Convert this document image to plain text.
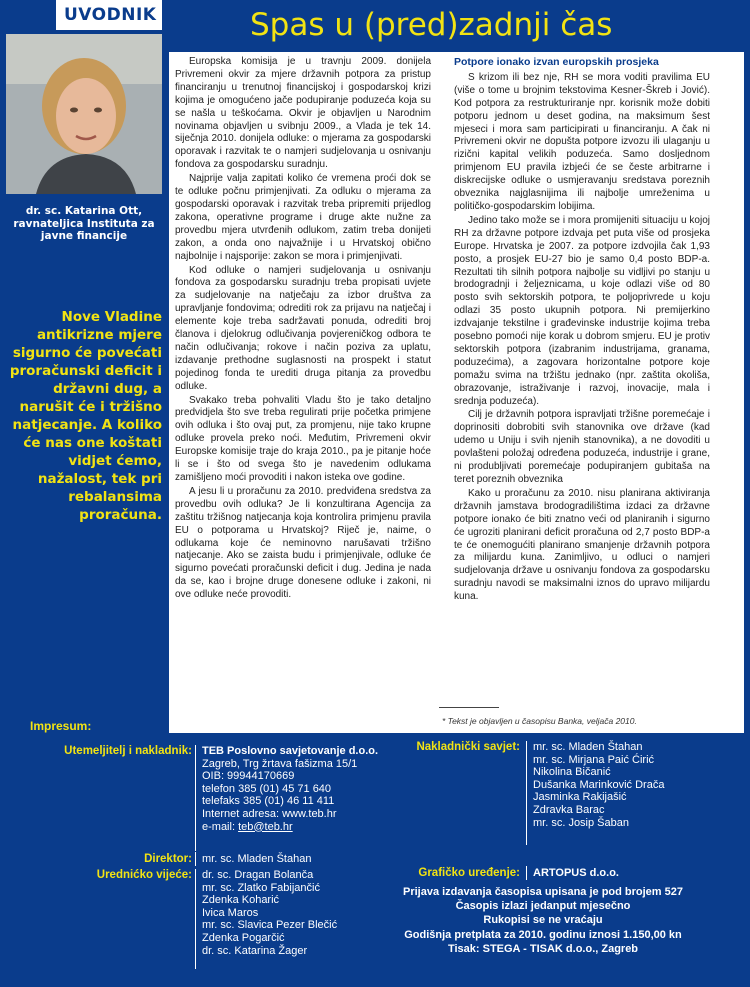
UVODNIK	Spas u (pred)zadnji čas
dr. sc. Katarina Ott,
ravnateljica Instituta za
javne financije
Nove Vladine antikrizne mjere sigurno će povećati proračunski deficit i državni dug, a narušit će i tržišno natjecanje. A koliko će nas one koštati vidjet ćemo, nažalost, tek pri rebalansima proračuna.

Europska komisija je u travnju 2009. donijela Privremeni okvir za mjere državnih potpora za pristup financiranju u trenutnoj financijskoj i gospodarskoj krizi kojima je omogućeno jače podupiranje poduzeća koja su se našla u teškoćama. Okvir je objavljen u Narodnim novinama objavljen u svibnju 2009., a Vlada je tek 14. siječnja 2010. donijela odluke: o mjerama za gospodarski oporavak i razvitak te o namjeri sudjelovanja u osnivanju fondova za gospodarsku suradnju.

Najprije valja zapitati koliko će vremena proći dok se te odluke počnu primjenjivati. Za odluku o mjerama za gospodarski oporavak i razvitak treba pripremiti prijedlog zakona, operativne programe i druge akte nužne za provedbu mjera utvrđenih odlukom, zatim treba donijeti zakon, a onda ono najvažnije i u Hrvatskoj obično najbolnije i najsporije: zakon se mora i primjenjivati.

Kod odluke o namjeri sudjelovanja u osnivanju fondova za gospodarsku suradnju treba propisati uvjete za sudjelovanje na natječaju za izbor društva za upravljanje fondovima; odrediti rok za prijavu na natječaj i elemente koje treba sadržavati ponuda, odrediti broj članova i djelokrug odlučivanja povjereničkog odbora te način odlučivanja; rokove i način poziva za uplatu, izdavanje prethodne suglasnosti na prospekt i statut pojedinog fonda te urediti druga pitanja za provedbu odluke.

Svakako treba pohvaliti Vladu što je tako detaljno predvidjela što sve treba regulirati prije početka primjene ovih odluka i što ovaj put, za promjenu, nije tako krupne odluke provela preko noći. Međutim, Privremeni okvir Europske komisije traje do kraja 2010., pa je pitanje hoće li se i što od svega što je navedenim odlukama zamišljeno moći provoditi i nakon isteka ove godine.

A jesu li u proračunu za 2010. predviđena sredstva za provedbu ovih odluka? Je li konzultirana Agencija za zaštitu tržišnog natjecanja koja kontrolira primjenu pravila EU o potporama u Hrvatskoj? Riječ je, naime, o odlukama koje će neminovno narušavati tržišno natjecanje. Ako se zaista budu i primjenjivale, odluke će sigurno povećati proračunski deficit i dug. Jedina je nada da se, kao i brojne druge donesene odluke i zakoni, ni ove odluke neće provoditi.

Potpore ionako izvan europskih prosjeka

S krizom ili bez nje, RH se mora voditi pravilima EU (više o tome u brojnim tekstovima Kesner-Škreb i Jović). Kod potpora za restrukturiranje npr. korisnik može dobiti potporu jednom u deset godina, na maksimum šest mjeseci i mora sam participirati u financiranju. A čak ni Privremeni okvir ne dopušta potpore izvozu ili ulaganju u rizični kapital velikih poduzeća. Samo dosljednom primjenom EU pravila izbjeći će se česte arbitrarne i diskrecijske odluke o usmjeravanju sredstava poreznih obveznika najglasnijima ili najbolje umreženima u političko-gospodarskim lobijima.

Jedino tako može se i mora promijeniti situaciju u kojoj RH za državne potpore izdvaja pet puta više od prosjeka Europe. Hrvatska je 2007. za potpore izdvojila čak 1,93 posto, a prosjek EU-27 bio je samo 0,4 posto BDP-a. Rezultati tih silnih potpora najbolje su vidljivi po stanju u brodogradnji i željeznicama, u koje odlazi više od 80 posto svih sektorskih potpora, te poljoprivrede u koju odlazi 35 posto ukupnih potpora. Ni premijerkino izdvajanje tekstilne i građevinske industrije kojima treba posebno pomoći nije korak u dobrom smjeru. EU je protiv sektorskih potpora (izabranim industrijama, granama, poduzećima), a zagovara horizontalne potpore koje pomažu svima na tržištu jednako (npr. zaštita okoliša, obrazovanje, istraživanje i razvoj, inovacije, mala i srednja poduzeća).

Cilj je državnih potpora ispravljati tržišne poremećaje i doprinositi dobrobiti svih stanovnika ove države (kad udemo u Uniju i svih njenih stanovnika), a ne dovoditi u povlašteni položaj određena poduzeća, industrije i grane, ni produbljivati poremećaje podupiranjem gubitaša na teret poreznih obveznika

Kako u proračunu za 2010. nisu planirana aktiviranja državnih jamstava brodogradilištima izdaci za državne potpore ionako će biti znatno veći od planiranih i sigurno će ugroziti planirani deficit proračuna od 2,7 posto BDP-a te će onemogućiti planirano smanjenje državnih potpora za milijardu kuna. Zanimljivo, u odluci o namjeri sudjelovanja države u osnivanju fondova za gospodarsku suradnju navodi se maksimalni iznos do upravo milijardu kuna.

* Tekst je objavljen u časopisu Banka, veljača 2010.
Impresum:
Utemeljitelj i nakladnik: TEB Poslovno savjetovanje d.o.o.
Zagreb, Trg žrtava fašizma 15/1
OIB: 99944170669
telefon 385 (01) 45 71 640
telefaks 385 (01) 46 11 411
Internet adresa: www.teb.hr
e-mail: teb@teb.hr
Direktor: mr. sc. Mladen Štahan
Urednićko vijeće: dr. sc. Dragan Bolanča
mr. sc. Zlatko Fabijančić
Zdenka Koharić
Ivica Maros
mr. sc. Slavica Pezer Blečić
Zdenka Pogarčić
dr. sc. Katarina Žager
Nakladnički savjet: mr. sc. Mladen Štahan
mr. sc. Mirjana Paić Ćirić
Nikolina Bičanić
Dušanka Marinković Drača
Jasminka Rakijašić
Zdravka Barac
mr. sc. Josip Šaban
Grafičko uređenje: ARTOPUS d.o.o.
Prijava izdavanja časopisa upisana je pod brojem 527
Časopis izlazi jedanput mjesečno
Rukopisi se ne vraćaju
Godišnja pretplata za 2010. godinu iznosi 1.150,00 kn
Tisak: STEGA - TISAK d.o.o., Zagreb
